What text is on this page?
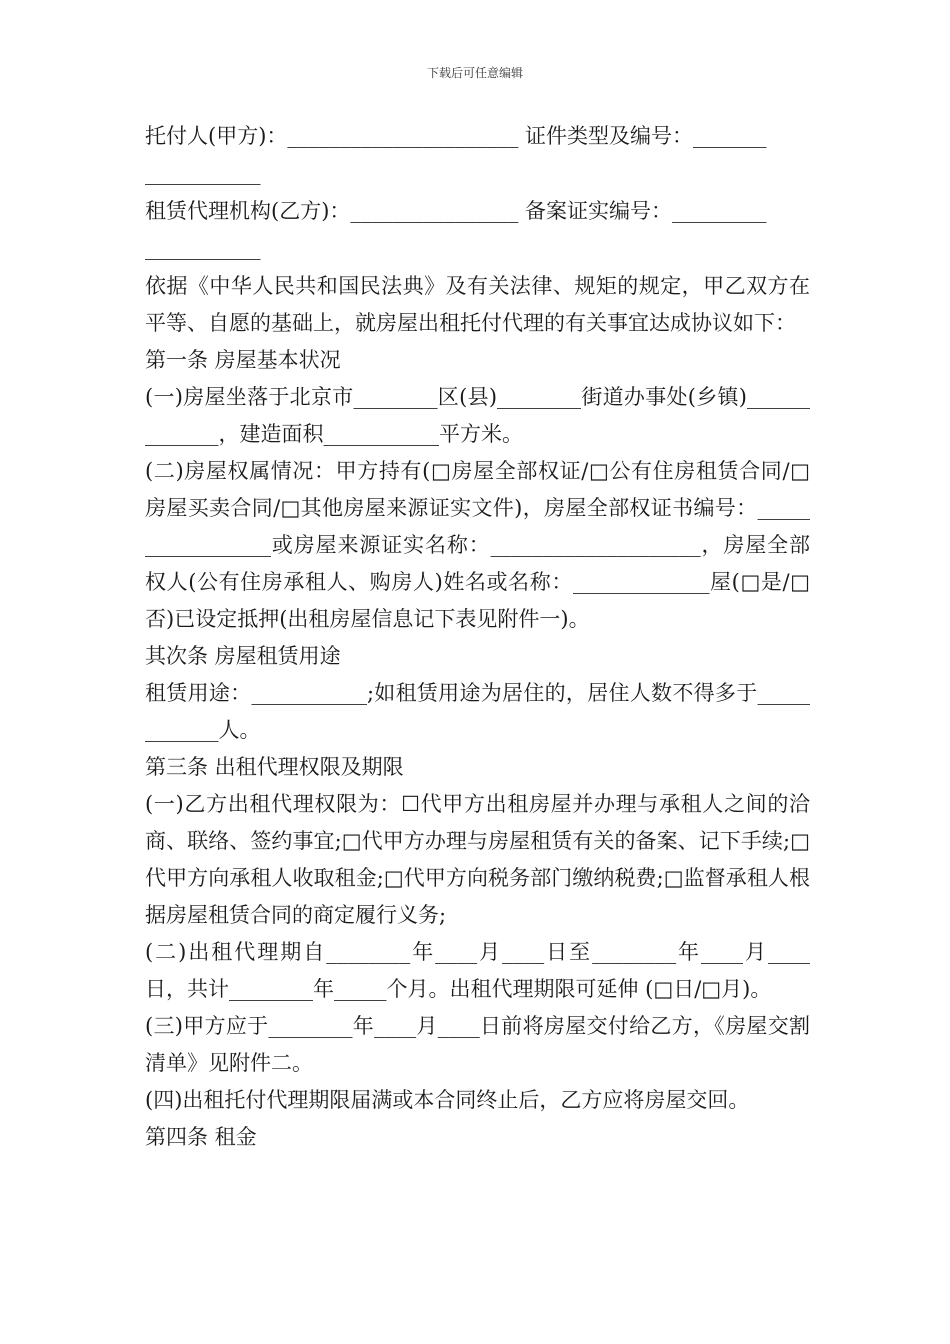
下载后可任意编辑

托付人(甲方)：______________________ 证件类型及编号：_______
___________

租赁代理机构(乙方)：________________ 备案证实编号：_________
___________

依据《中华人民共和国民法典》及有关法律、规矩的规定，甲乙双方在平等、自愿的基础上，就房屋出租托付代理的有关事宜达成协议如下：

第一条 房屋基本状况

(一)房屋坐落于北京市________区(县)________街道办事处(乡镇)_____________，建造面积___________平方米。

(二)房屋权属情况：甲方持有(□房屋全部权证/□公有住房租赁合同/□房屋买卖合同/□其他房屋来源证实文件)，房屋全部权证书编号：_________________或房屋来源证实名称：____________________，房屋全部权人(公有住房承租人、购房人)姓名或名称：_____________屋(□是/□否)已设定抵押(出租房屋信息记下表见附件一)。

其次条 房屋租赁用途

租赁用途：___________;如租赁用途为居住的，居住人数不得多于____________人。

第三条 出租代理权限及期限

(一)乙方出租代理权限为：☐代甲方出租房屋并办理与承租人之间的洽商、联络、签约事宜;□代甲方办理与房屋租赁有关的备案、记下手续;□代甲方向承租人收取租金;□代甲方向税务部门缴纳税费;□监督承租人根据房屋租赁合同的商定履行义务;

(二)出租代理期自________年____月____日至________年____月____日，共计________年_____个月。出租代理期限可延伸 (□日/□月)。

(三)甲方应于________年____月____日前将房屋交付给乙方，《房屋交割清单》见附件二。

(四)出租托付代理期限届满或本合同终止后，乙方应将房屋交回。

第四条 租金
